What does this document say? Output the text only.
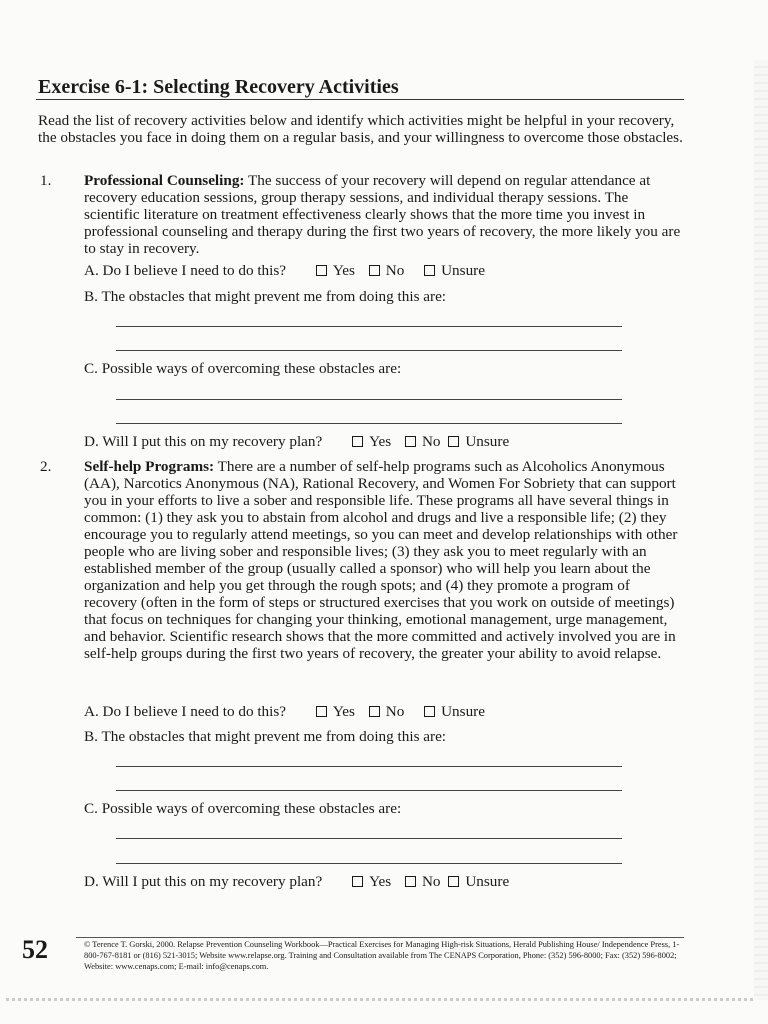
Exercise 6-1: Selecting Recovery Activities
Read the list of recovery activities below and identify which activities might be helpful in your recovery, the obstacles you face in doing them on a regular basis, and your willingness to overcome those obstacles.
1. Professional Counseling: The success of your recovery will depend on regular attendance at recovery education sessions, group therapy sessions, and individual therapy sessions. The scientific literature on treatment effectiveness clearly shows that the more time you invest in professional counseling and therapy during the first two years of recovery, the more likely you are to stay in recovery.
A. Do I believe I need to do this?	Yes No Unsure
B. The obstacles that might prevent me from doing this are:
C. Possible ways of overcoming these obstacles are:
D. Will I put this on my recovery plan?	Yes No Unsure
2. Self-help Programs: There are a number of self-help programs such as Alcoholics Anonymous (AA), Narcotics Anonymous (NA), Rational Recovery, and Women For Sobriety that can support you in your efforts to live a sober and responsible life. These programs all have several things in common: (1) they ask you to abstain from alcohol and drugs and live a responsible life; (2) they encourage you to regularly attend meetings, so you can meet and develop relationships with other people who are living sober and responsible lives; (3) they ask you to meet regularly with an established member of the group (usually called a sponsor) who will help you learn about the organization and help you get through the rough spots; and (4) they promote a program of recovery (often in the form of steps or structured exercises that you work on outside of meetings) that focus on techniques for changing your thinking, emotional management, urge management, and behavior. Scientific research shows that the more committed and actively involved you are in self-help groups during the first two years of recovery, the greater your ability to avoid relapse.
A. Do I believe I need to do this?	Yes No Unsure
B. The obstacles that might prevent me from doing this are:
C. Possible ways of overcoming these obstacles are:
D. Will I put this on my recovery plan?	Yes No Unsure
52	© Terence T. Gorski, 2000. Relapse Prevention Counseling Workbook—Practical Exercises for Managing High-risk Situations, Herald Publishing House/ Independence Press, 1-800-767-8181 or (816) 521-3015; Website www.relapse.org. Training and Consultation available from The CENAPS Corporation, Phone: (352) 596-8000; Fax: (352) 596-8002; Website: www.cenaps.com; E-mail: info@cenaps.com.
